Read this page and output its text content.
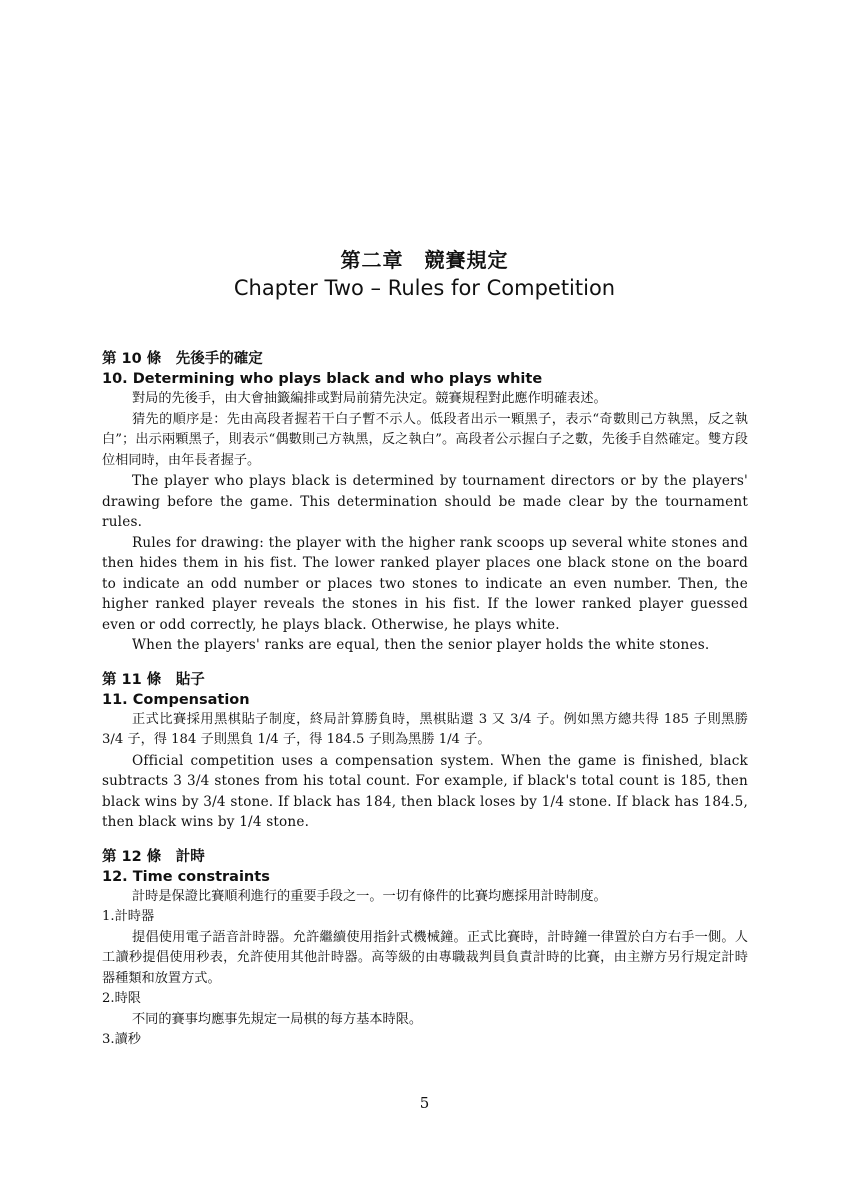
第二章　競賽規定
Chapter Two – Rules for Competition
第 10 條　先後手的確定
10. Determining who plays black and who plays white

對局的先後手，由大會抽籤編排或對局前猜先決定。競賽規程對此應作明確表述。

猜先的順序是：先由高段者握若干白子暫不示人。低段者出示一顆黑子，表示“奇數則己方執黑，反之執白”；出示兩顆黑子，則表示“偶數則己方執黑，反之執白”。高段者公示握白子之數，先後手自然確定。雙方段位相同時，由年長者握子。

The player who plays black is determined by tournament directors or by the players' drawing before the game. This determination should be made clear by the tournament rules.

Rules for drawing: the player with the higher rank scoops up several white stones and then hides them in his fist. The lower ranked player places one black stone on the board to indicate an odd number or places two stones to indicate an even number. Then, the higher ranked player reveals the stones in his fist. If the lower ranked player guessed even or odd correctly, he plays black. Otherwise, he plays white.

When the players' ranks are equal, then the senior player holds the white stones.

第 11 條　貼子
11. Compensation

正式比賽採用黑棋貼子制度，終局計算勝負時，黑棋貼還 3 又 3/4 子。例如黑方總共得 185 子則黑勝 3/4 子，得 184 子則黑負 1/4 子，得 184.5 子則為黑勝 1/4 子。

Official competition uses a compensation system. When the game is finished, black subtracts 3 3/4 stones from his total count. For example, if black's total count is 185, then black wins by 3/4 stone. If black has 184, then black loses by 1/4 stone. If black has 184.5, then black wins by 1/4 stone.

第 12 條　計時
12. Time constraints

計時是保證比賽順利進行的重要手段之一。一切有條件的比賽均應採用計時制度。

1.計時器

提倡使用電子語音計時器。允許繼續使用指針式機械鐘。正式比賽時，計時鐘一律置於白方右手一側。人工讀秒提倡使用秒表，允許使用其他計時器。高等級的由專職裁判員負責計時的比賽，由主辦方另行規定計時器種類和放置方式。

2.時限

不同的賽事均應事先規定一局棋的每方基本時限。

3.讀秒

5
